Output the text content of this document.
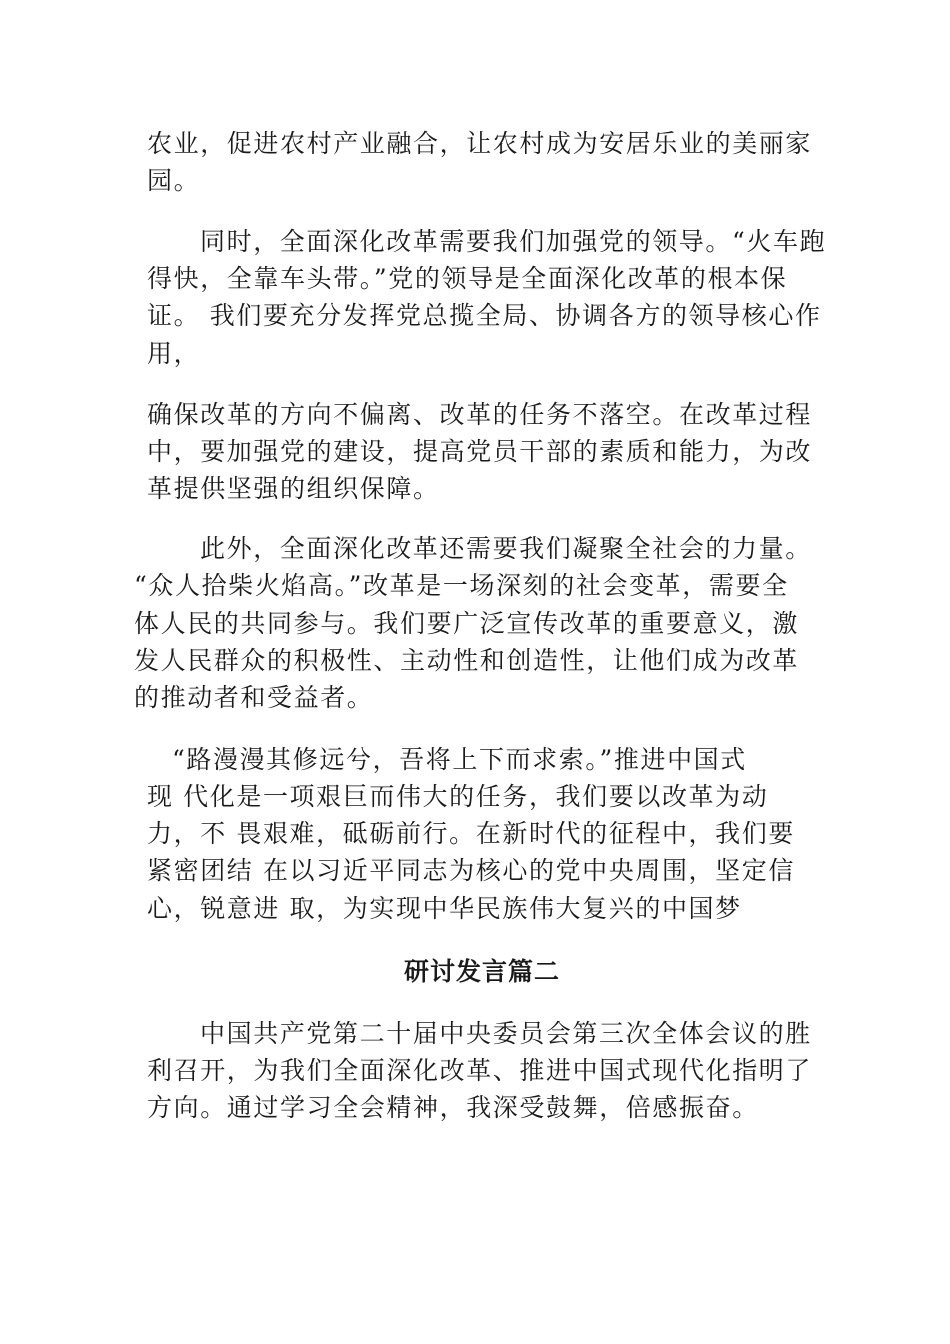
农业，促进农村产业融合，让农村成为安居乐业的美丽家
园。
同时，全面深化改革需要我们加强党的领导。“火车跑
得快，全靠车头带。”党的领导是全面深化改革的根本保
证。 我们要充分发挥党总揽全局、协调各方的领导核心作
用，
确保改革的方向不偏离、改革的任务不落空。在改革过程
中，要加强党的建设，提高党员干部的素质和能力，为改
革提供坚强的组织保障。
此外，全面深化改革还需要我们凝聚全社会的力量。
“众人拾柴火焰高。”改革是一场深刻的社会变革，需要全
体人民的共同参与。我们要广泛宣传改革的重要意义，激
发人民群众的积极性、主动性和创造性，让他们成为改革
的推动者和受益者。
“路漫漫其修远兮，吾将上下而求索。”推进中国式
现 代化是一项艰巨而伟大的任务，我们要以改革为动
力，不 畏艰难，砥砺前行。在新时代的征程中，我们要
紧密团结 在以习近平同志为核心的党中央周围，坚定信
心，锐意进 取，为实现中华民族伟大复兴的中国梦
研讨发言篇二
中国共产党第二十届中央委员会第三次全体会议的胜
利召开，为我们全面深化改革、推进中国式现代化指明了
方向。通过学习全会精神，我深受鼓舞，倍感振奋。
